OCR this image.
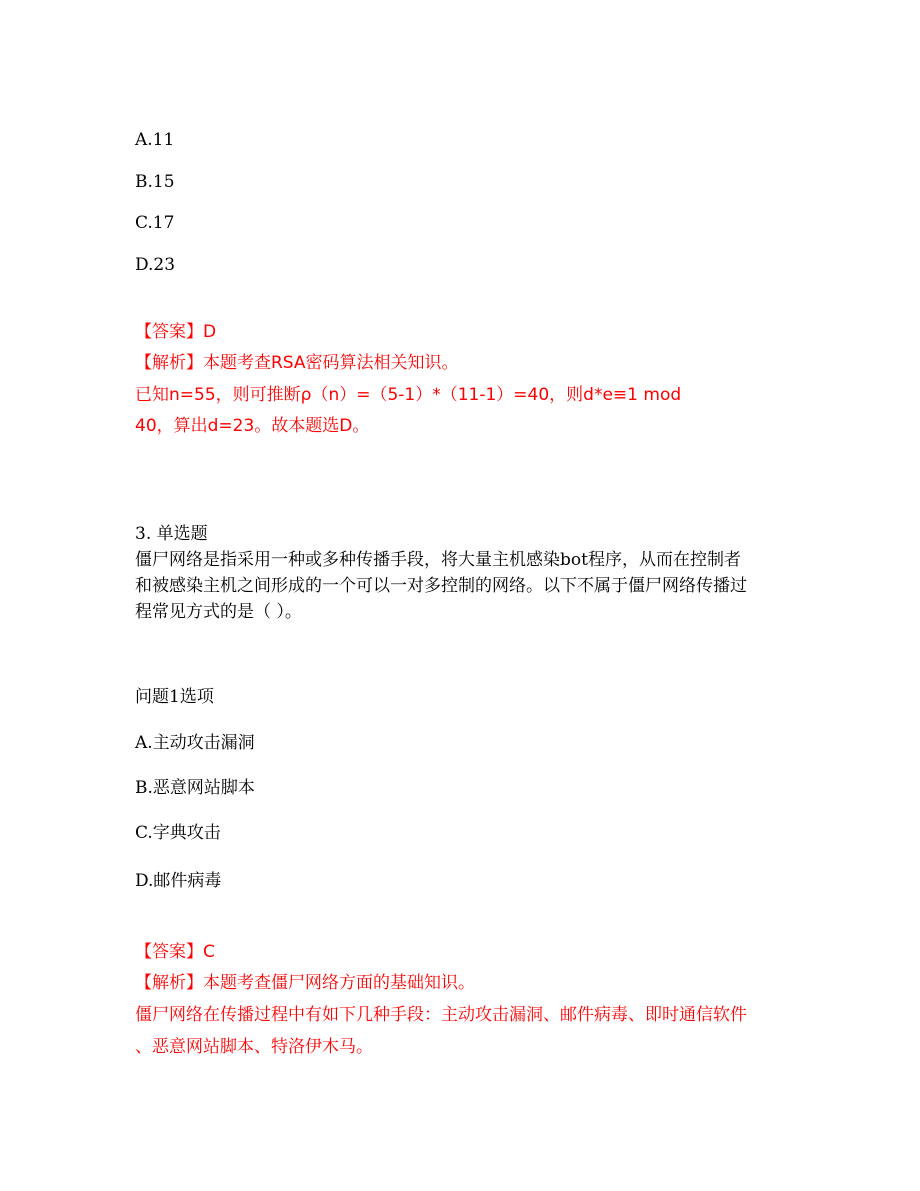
A.11
B.15
C.17
D.23
【答案】D
【解析】本题考查RSA密码算法相关知识。
已知n=55，则可推断ρ（n）=（5-1）*（11-1）=40，则d*e≡1 mod
40，算出d=23。故本题选D。
3. 单选题
僵尸网络是指采用一种或多种传播手段，将大量主机感染bot程序，从而在控制者
和被感染主机之间形成的一个可以一对多控制的网络。以下不属于僵尸网络传播过
程常见方式的是（ ）。
问题1选项
A.主动攻击漏洞
B.恶意网站脚本
C.字典攻击
D.邮件病毒
【答案】C
【解析】本题考查僵尸网络方面的基础知识。
僵尸网络在传播过程中有如下几种手段：主动攻击漏洞、邮件病毒、即时通信软件
、恶意网站脚本、特洛伊木马。
